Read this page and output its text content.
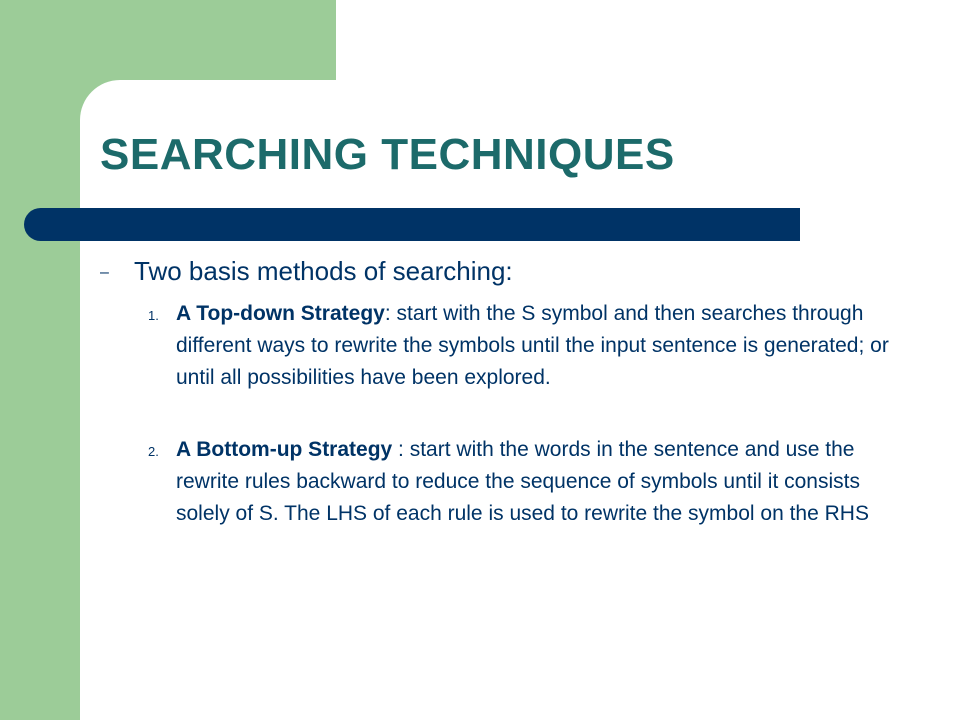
SEARCHING TECHNIQUES
– Two basis methods of searching:
1. A Top-down Strategy: start with the S symbol and then searches through different ways to rewrite the symbols until the input sentence is generated; or until all possibilities have been explored.
2. A Bottom-up Strategy : start with the words in the sentence and use the rewrite rules backward to reduce the sequence of symbols until it consists solely of S. The LHS of each rule is used to rewrite the symbol on the RHS
